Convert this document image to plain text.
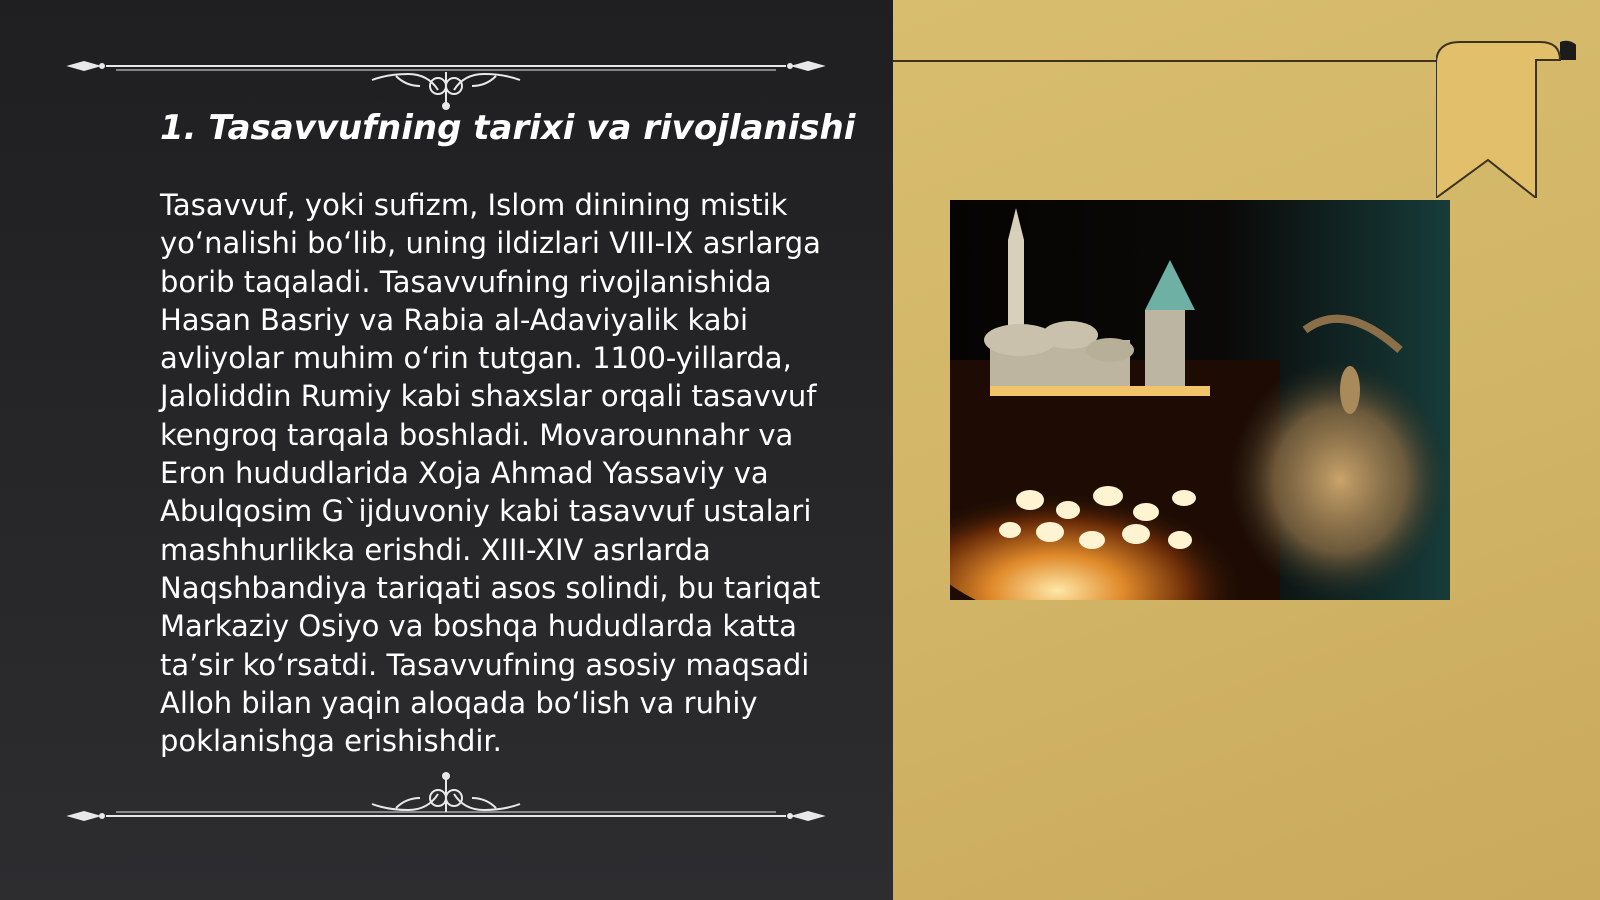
1. Tasavvufning tarixi va rivojlanishi

Tasavvuf, yoki sufizm, Islom dinining mistik yo‘nalishi bo‘lib, uning ildizlari VIII-IX asrlarga borib taqaladi. Tasavvufning rivojlanishida Hasan Basriy va Rabia al-Adaviyalik kabi avliyolar muhim o‘rin tutgan. 1100-yillarda, Jaloliddin Rumiy kabi shaxslar orqali tasavvuf kengroq tarqala boshladi. Movarounnahr va Eron hududlarida Xoja Ahmad Yassaviy va Abulqosim G`ijduvoniy kabi tasavvuf ustalari mashhurlikka erishdi. XIII-XIV asrlarda Naqshbandiya tariqati asos solindi, bu tariqat Markaziy Osiyo va boshqa hududlarda katta ta’sir ko‘rsatdi. Tasavvufning asosiy maqsadi Alloh bilan yaqin aloqada bo‘lish va ruhiy poklanishga erishishdir.
